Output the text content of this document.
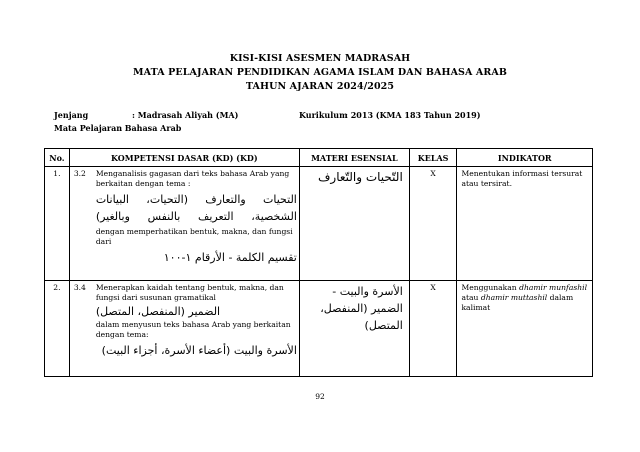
KISI-KISI ASESMEN MADRASAH
MATA PELAJARAN PENDIDIKAN AGAMA ISLAM DAN BAHASA ARAB
TAHUN AJARAN 2024/2025
Jenjang	: Madrasah Aliyah (MA)	Kurikulum
: 2013 (KMA 183 Tahun 2019)
Mata Pelajaran
: Bahasa Arab
No.	KOMPETENSI DASAR (KD) (KD)	MATERI ESENSIAL	KELAS	INDIKATOR
1.	3.2 Menganalisis gagasan dari teks bahasa Arab yang berkaitan dengan tema :
التحيات والتعارف (التحيات، البيانات الشخصية، التعريف بالنفس وبالغير)
dengan memperhatikan bentuk, makna, dan fungsi dari
تقسيم الكلمة - الأرقام ١-١٠٠	التّحيات والتّعارف	X	Menentukan informasi tersurat atau tersirat.
2.	3.4 Menerapkan kaidah tentang bentuk, makna, dan fungsi dari susunan gramatikal
الضمير (المنفصل، المتصل)
dalam menyusun teks bahasa Arab yang berkaitan dengan tema:
الأسرة والبيت (أعضاء الأسرة، أجزاء البيت)	الأسرة والبيت - الضمير (المنفصل، المتصل)	X	Menggunakan dhamir munfashil atau dhamir muttashil dalam kalimat
92
